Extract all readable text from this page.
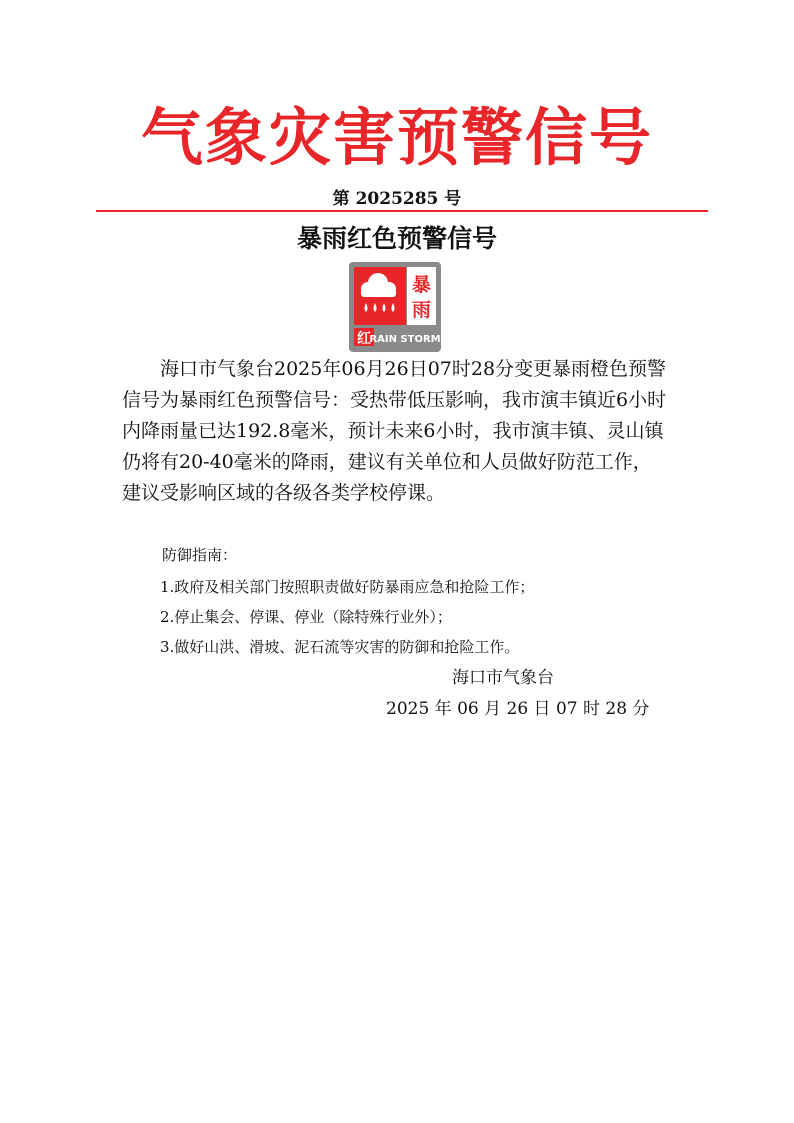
气象灾害预警信号
第 2025285 号
暴雨红色预警信号
暴
雨
红
RAIN STORM

海口市气象台2025年06月26日07时28分变更暴雨橙色预警信号为暴雨红色预警信号：受热带低压影响，我市演丰镇近6小时内降雨量已达192.8毫米，预计未来6小时，我市演丰镇、灵山镇仍将有20-40毫米的降雨，建议有关单位和人员做好防范工作，建议受影响区域的各级各类学校停课。

防御指南：
1.政府及相关部门按照职责做好防暴雨应急和抢险工作；
2.停止集会、停课、停业（除特殊行业外）；
3.做好山洪、滑坡、泥石流等灾害的防御和抢险工作。
海口市气象台
2025 年 06 月 26 日 07 时 28 分
